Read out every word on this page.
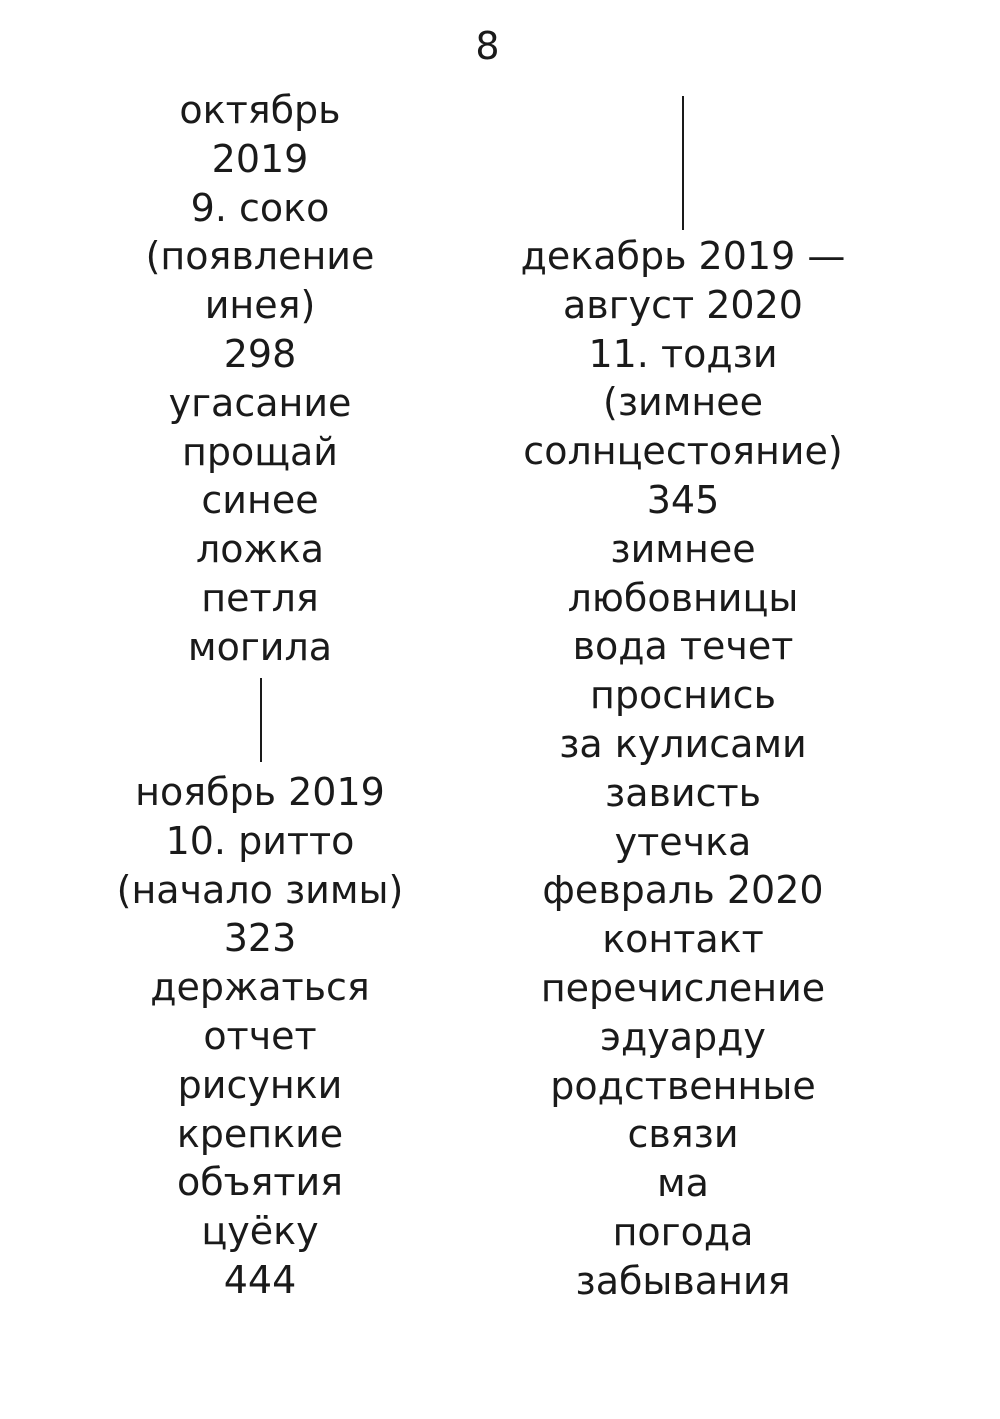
8
октябрь
2019
9. соко
(появление
инея)
298
угасание
прощай
синее
ложка
петля
могила
ноябрь 2019
10. ритто
(начало зимы)
323
держаться
отчет
рисунки
крепкие
объятия
цуёку
444
декабрь 2019 —
август 2020
11. тодзи
(зимнее
солнцестояние)
345
зимнее
любовницы
вода течет
проснись
за кулисами
зависть
утечка
февраль 2020
контакт
перечисление
эдуарду
родственные
связи
ма
погода
забывания
